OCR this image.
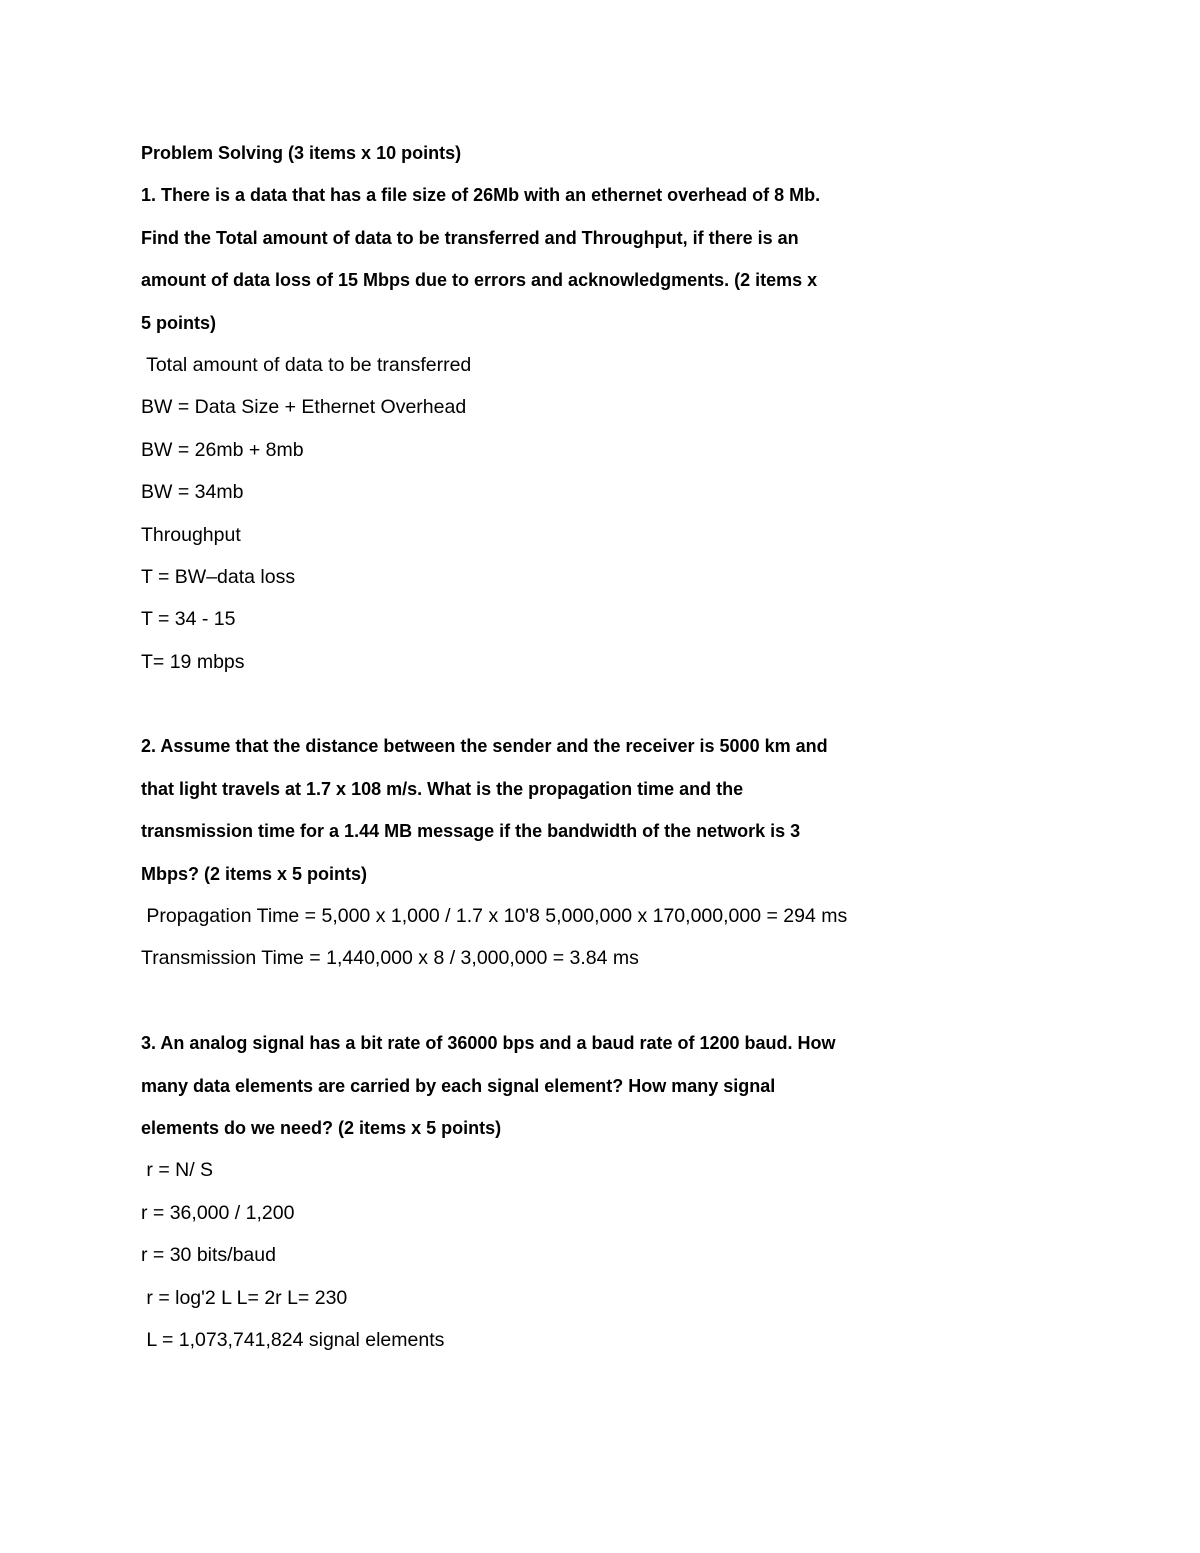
Problem Solving (3 items x 10 points)
1. There is a data that has a file size of 26Mb with an ethernet overhead of 8 Mb.
Find the Total amount of data to be transferred and Throughput, if there is an
amount of data loss of 15 Mbps due to errors and acknowledgments. (2 items x
5 points)
Total amount of data to be transferred
BW = Data Size + Ethernet Overhead
BW = 26mb + 8mb
BW = 34mb
Throughput
T = BW–data loss
T = 34 - 15
T= 19 mbps
2. Assume that the distance between the sender and the receiver is 5000 km and
that light travels at 1.7 x 108 m/s. What is the propagation time and the
transmission time for a 1.44 MB message if the bandwidth of the network is 3
Mbps? (2 items x 5 points)
Propagation Time = 5,000 x 1,000 / 1.7 x 10'8 5,000,000 x 170,000,000 = 294 ms
Transmission Time = 1,440,000 x 8 / 3,000,000 = 3.84 ms
3. An analog signal has a bit rate of 36000 bps and a baud rate of 1200 baud. How
many data elements are carried by each signal element? How many signal
elements do we need? (2 items x 5 points)
r = N/ S
r = 36,000 / 1,200
r = 30 bits/baud
r = log'2 L L= 2r L= 230
L = 1,073,741,824 signal elements
